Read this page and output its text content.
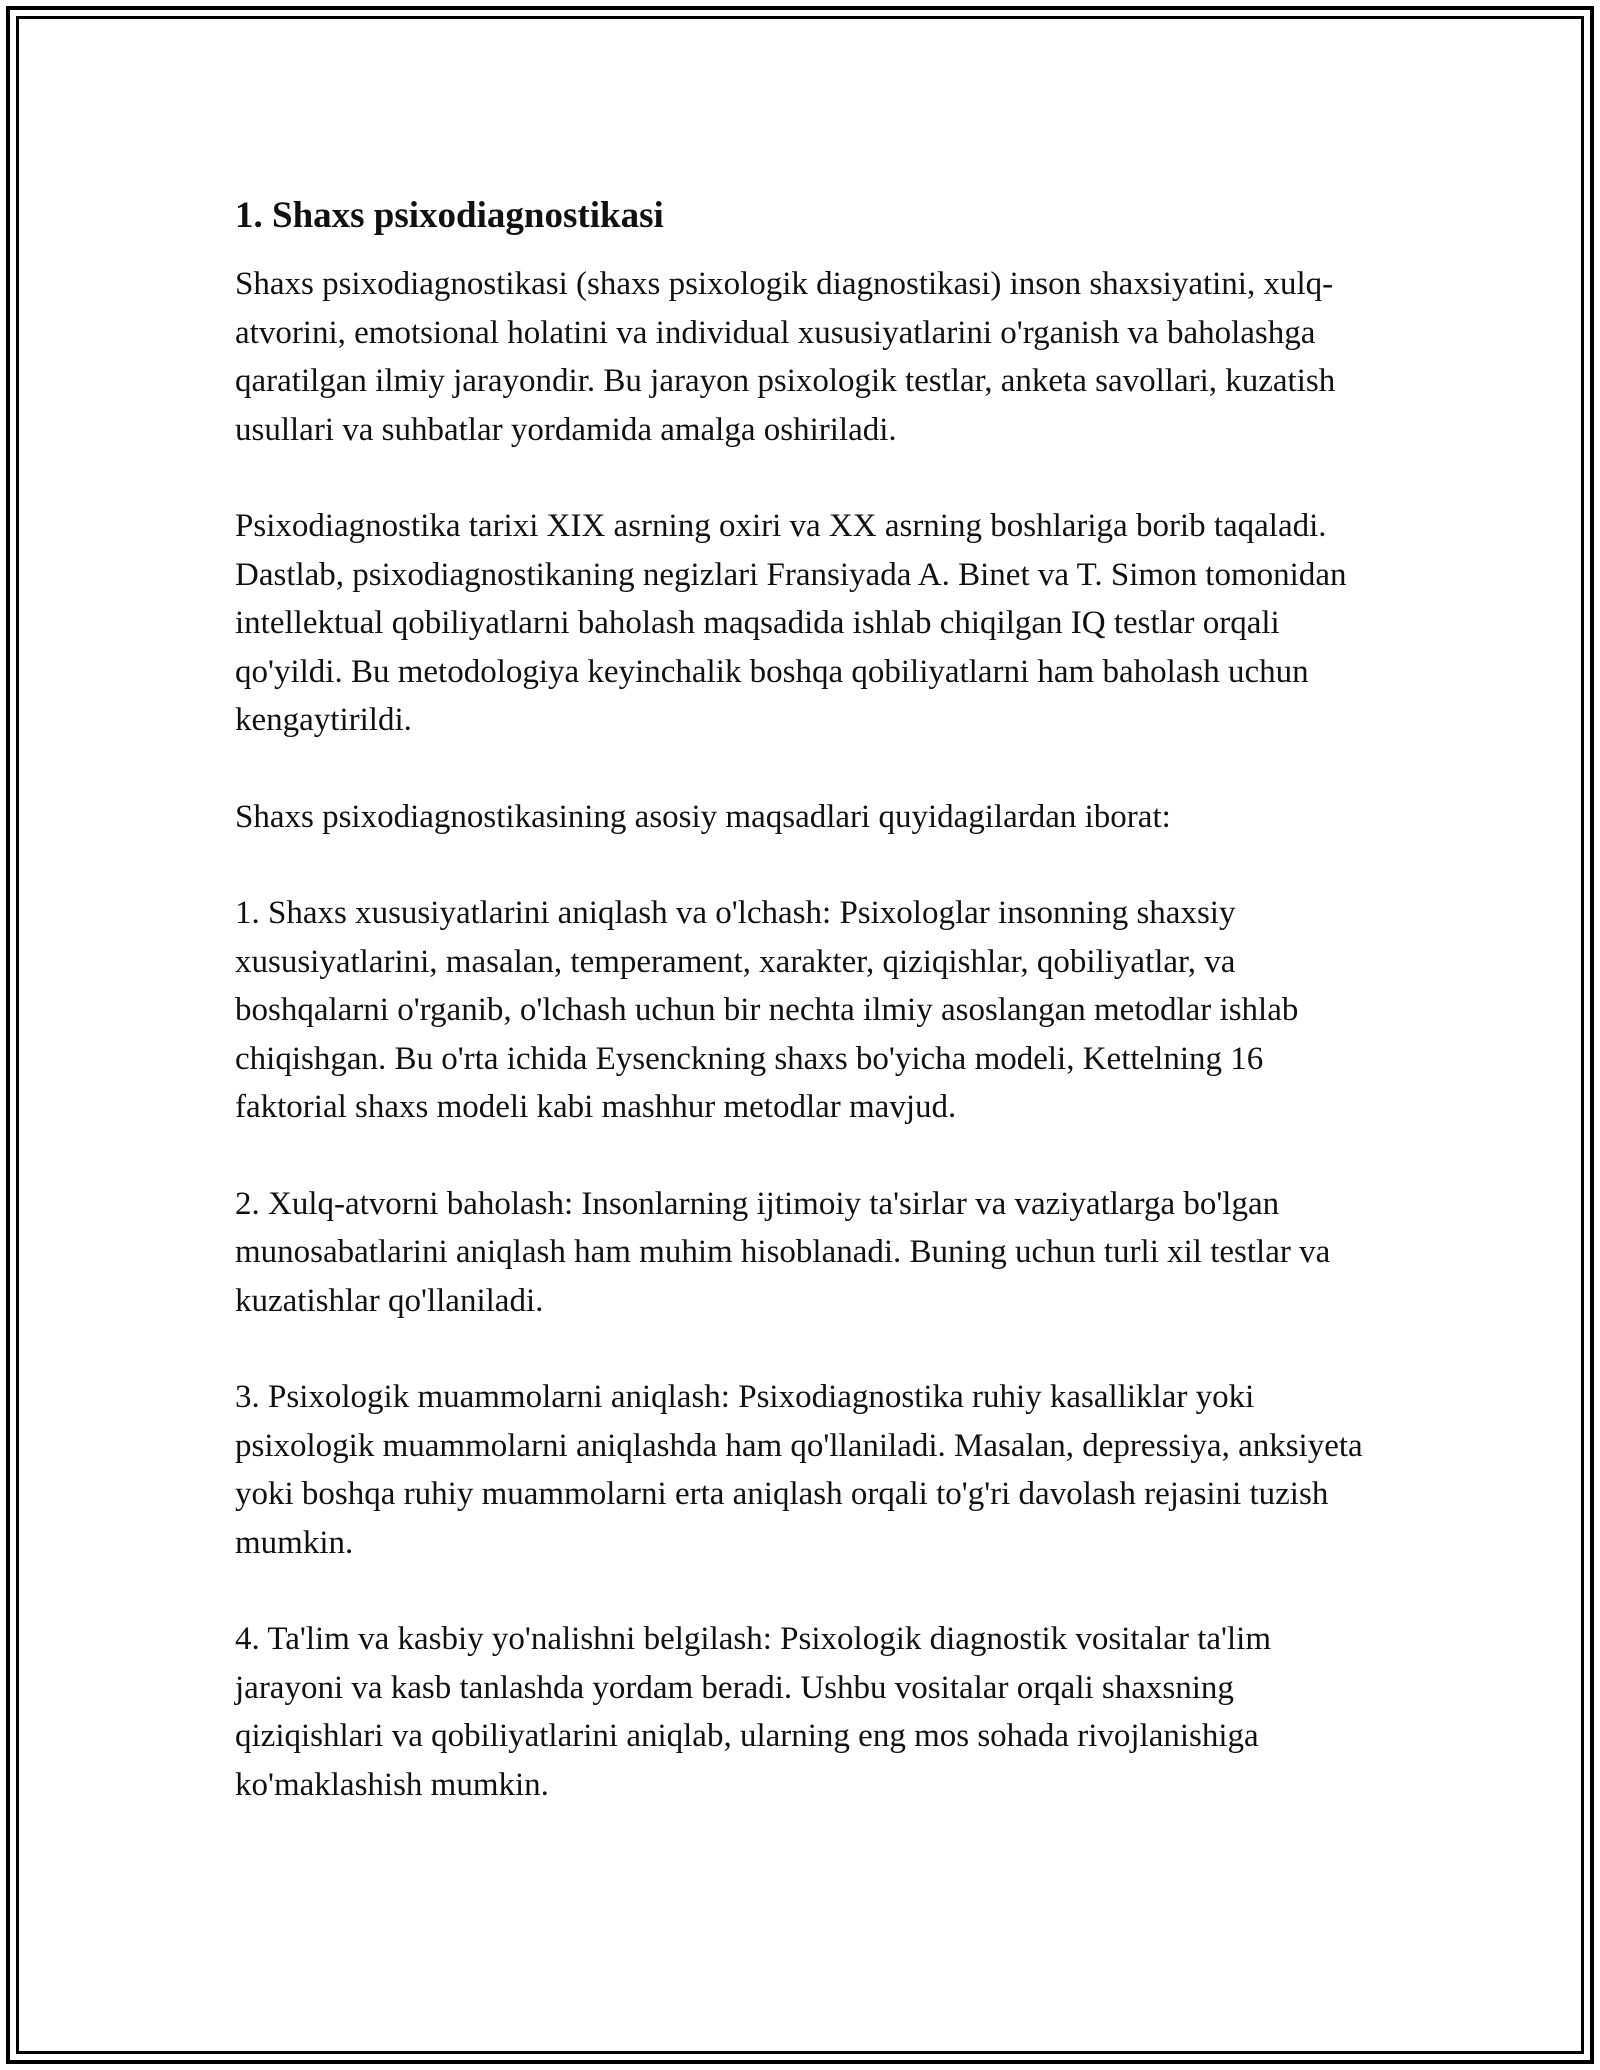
1. Shaxs psixodiagnostikasi

Shaxs psixodiagnostikasi (shaxs psixologik diagnostikasi) inson shaxsiyatini, xulq-atvorini, emotsional holatini va individual xususiyatlarini o'rganish va baholashga qaratilgan ilmiy jarayondir. Bu jarayon psixologik testlar, anketa savollari, kuzatish usullari va suhbatlar yordamida amalga oshiriladi.

Psixodiagnostika tarixi XIX asrning oxiri va XX asrning boshlariga borib taqaladi. Dastlab, psixodiagnostikaning negizlari Fransiyada A. Binet va T. Simon tomonidan intellektual qobiliyatlarni baholash maqsadida ishlab chiqilgan IQ testlar orqali qo'yildi. Bu metodologiya keyinchalik boshqa qobiliyatlarni ham baholash uchun kengaytirildi.

Shaxs psixodiagnostikasining asosiy maqsadlari quyidagilardan iborat:

1. Shaxs xususiyatlarini aniqlash va o'lchash: Psixologlar insonning shaxsiy xususiyatlarini, masalan, temperament, xarakter, qiziqishlar, qobiliyatlar, va boshqalarni o'rganib, o'lchash uchun bir nechta ilmiy asoslangan metodlar ishlab chiqishgan. Bu o'rta ichida Eysenckning shaxs bo'yicha modeli, Kettelning 16 faktorial shaxs modeli kabi mashhur metodlar mavjud.

2. Xulq-atvorni baholash: Insonlarning ijtimoiy ta'sirlar va vaziyatlarga bo'lgan munosabatlarini aniqlash ham muhim hisoblanadi. Buning uchun turli xil testlar va kuzatishlar qo'llaniladi.

3. Psixologik muammolarni aniqlash: Psixodiagnostika ruhiy kasalliklar yoki psixologik muammolarni aniqlashda ham qo'llaniladi. Masalan, depressiya, anksiyeta yoki boshqa ruhiy muammolarni erta aniqlash orqali to'g'ri davolash rejasini tuzish mumkin.

4. Ta'lim va kasbiy yo'nalishni belgilash: Psixologik diagnostik vositalar ta'lim jarayoni va kasb tanlashda yordam beradi. Ushbu vositalar orqali shaxsning qiziqishlari va qobiliyatlarini aniqlab, ularning eng mos sohada rivojlanishiga ko'maklashish mumkin.
